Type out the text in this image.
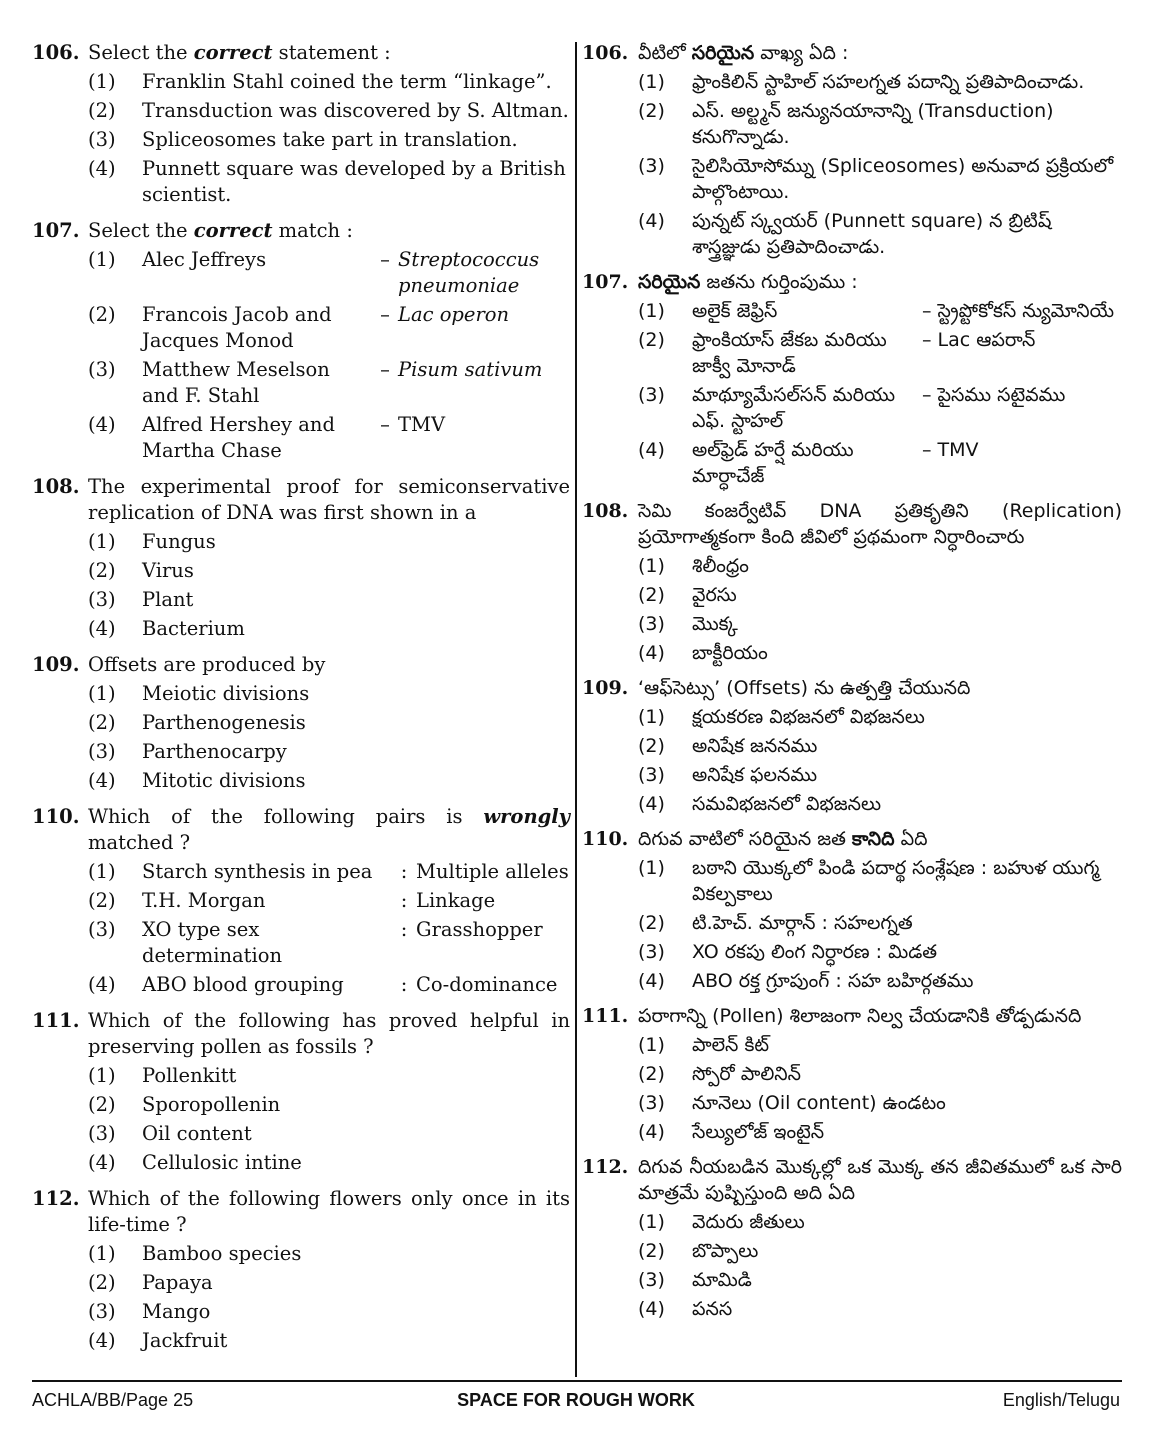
106. Select the correct statement :
(1)	Franklin Stahl coined the term “linkage”.
(2)	Transduction was discovered by S. Altman.
(3)	Spliceosomes take part in translation.
(4)	Punnett square was developed by a British scientist.
107. Select the correct match :
(1)	Alec Jeffreys	– Streptococcus pneumoniae
(2)	Francois Jacob and Jacques Monod
– Lac operon
(3)	Matthew Meselson and F. Stahl
– Pisum sativum
(4)	Alfred Hershey and Martha Chase
– TMV
108. The experimental proof for semiconservative replication of DNA was first shown in a
(1)	Fungus
(2)	Virus
(3)	Plant
(4)	Bacterium
109. Offsets are produced by
(1)	Meiotic divisions
(2)	Parthenogenesis
(3)	Parthenocarpy
(4)	Mitotic divisions
110. Which of the following pairs is wrongly matched ?
(1)	Starch synthesis in pea	: Multiple alleles
(2)	T.H. Morgan	: Linkage
(3)	XO type sex determination
: Grasshopper
(4)	ABO blood grouping	: Co-dominance
111. Which of the following has proved helpful in preserving pollen as fossils ?
(1)	Pollenkitt
(2)	Sporopollenin
(3)	Oil content
(4)	Cellulosic intine
112. Which of the following flowers only once in its life-time ?
(1)	Bamboo species
(2)	Papaya
(3)	Mango
(4)	Jackfruit
106. వీటిలో సరియైన వాఖ్య ఏది :
(1)	ఫ్రాంకిలిన్ స్టాహిల్ సహలగ్నత పదాన్ని ప్రతిపాదించాడు.
(2)	ఎస్. అల్ట్మన్ జన్యునయానాన్ని (Transduction) కనుగొన్నాడు.
(3)	సైలిసియోసోమ్ను (Spliceosomes) అనువాద ప్రక్రియలో పాల్గొంటాయి.
(4)	పున్నట్ స్క్వయర్ (Punnett square) న బ్రిటిష్ శాస్త్రజ్ఞుడు ప్రతిపాదించాడు.
107. సరియైన జతను గుర్తింపుము :
(1)	అలైక్ జెఫ్రిస్	– స్ట్రెప్టోకోకస్ న్యుమోనియే
(2)	ఫ్రాంకియాస్ జేకబ మరియు జాక్వీ మోనాడ్
– Lac ఆపరాన్
(3)	మాథ్యూమేసల్‌సన్ మరియు ఎఫ్. స్టాహల్
– పైసము సటైవము
(4)	అల్‌ఫ్రెడ్ హర్షే మరియు మార్ధాచేజ్
– TMV
108. సెమి కంజర్వేటివ్ DNA ప్రతికృతిని (Replication) ప్రయోగాత్మకంగా కింది జీవిలో ప్రథమంగా నిర్ధారించారు
(1)	శిలీంధ్రం
(2)	వైరసు
(3)	మొక్క
(4)	బాక్టీరియం
109. ‘ఆఫ్‌సెట్సు’ (Offsets) ను ఉత్పత్తి చేయునది
(1)	క్షయకరణ విభజనలో విభజనలు
(2)	అనిషేక జననము
(3)	అనిషేక ఫలనము
(4)	సమవిభజనలో విభజనలు
110. దిగువ వాటిలో సరియైన జత కానిది ఏది
(1)	బఠాని యొక్కలో పిండి పదార్థ సంశ్లేషణ : బహుళ యుగ్మ వికల్పకాలు
(2)	టి.హెచ్. మార్గాన్ : సహలగ్నత
(3)	XO రకపు లింగ నిర్ధారణ : మిడత
(4)	ABO రక్త గ్రూపుంగ్ : సహ బహిర్గతము
111. పరాగాన్ని (Pollen) శిలాజంగా నిల్వ చేయడానికి తోడ్పడునది
(1)	పాలెన్ కిట్
(2)	స్పోరో పాలినిన్
(3)	నూనెలు (Oil content) ఉండటం
(4)	సేల్యులోజ్ ఇంటైన్
112. దిగువ నీయబడిన మొక్కల్లో ఒక మొక్క తన జీవితములో ఒక సారి మాత్రమే పుష్పిస్తుంది అది ఏది
(1)	వెదురు జీతులు
(2)	బొప్పాలు
(3)	మామిడి
(4)	పనస
ACHLA/BB/Page 25	SPACE FOR ROUGH WORK	English/Telugu
